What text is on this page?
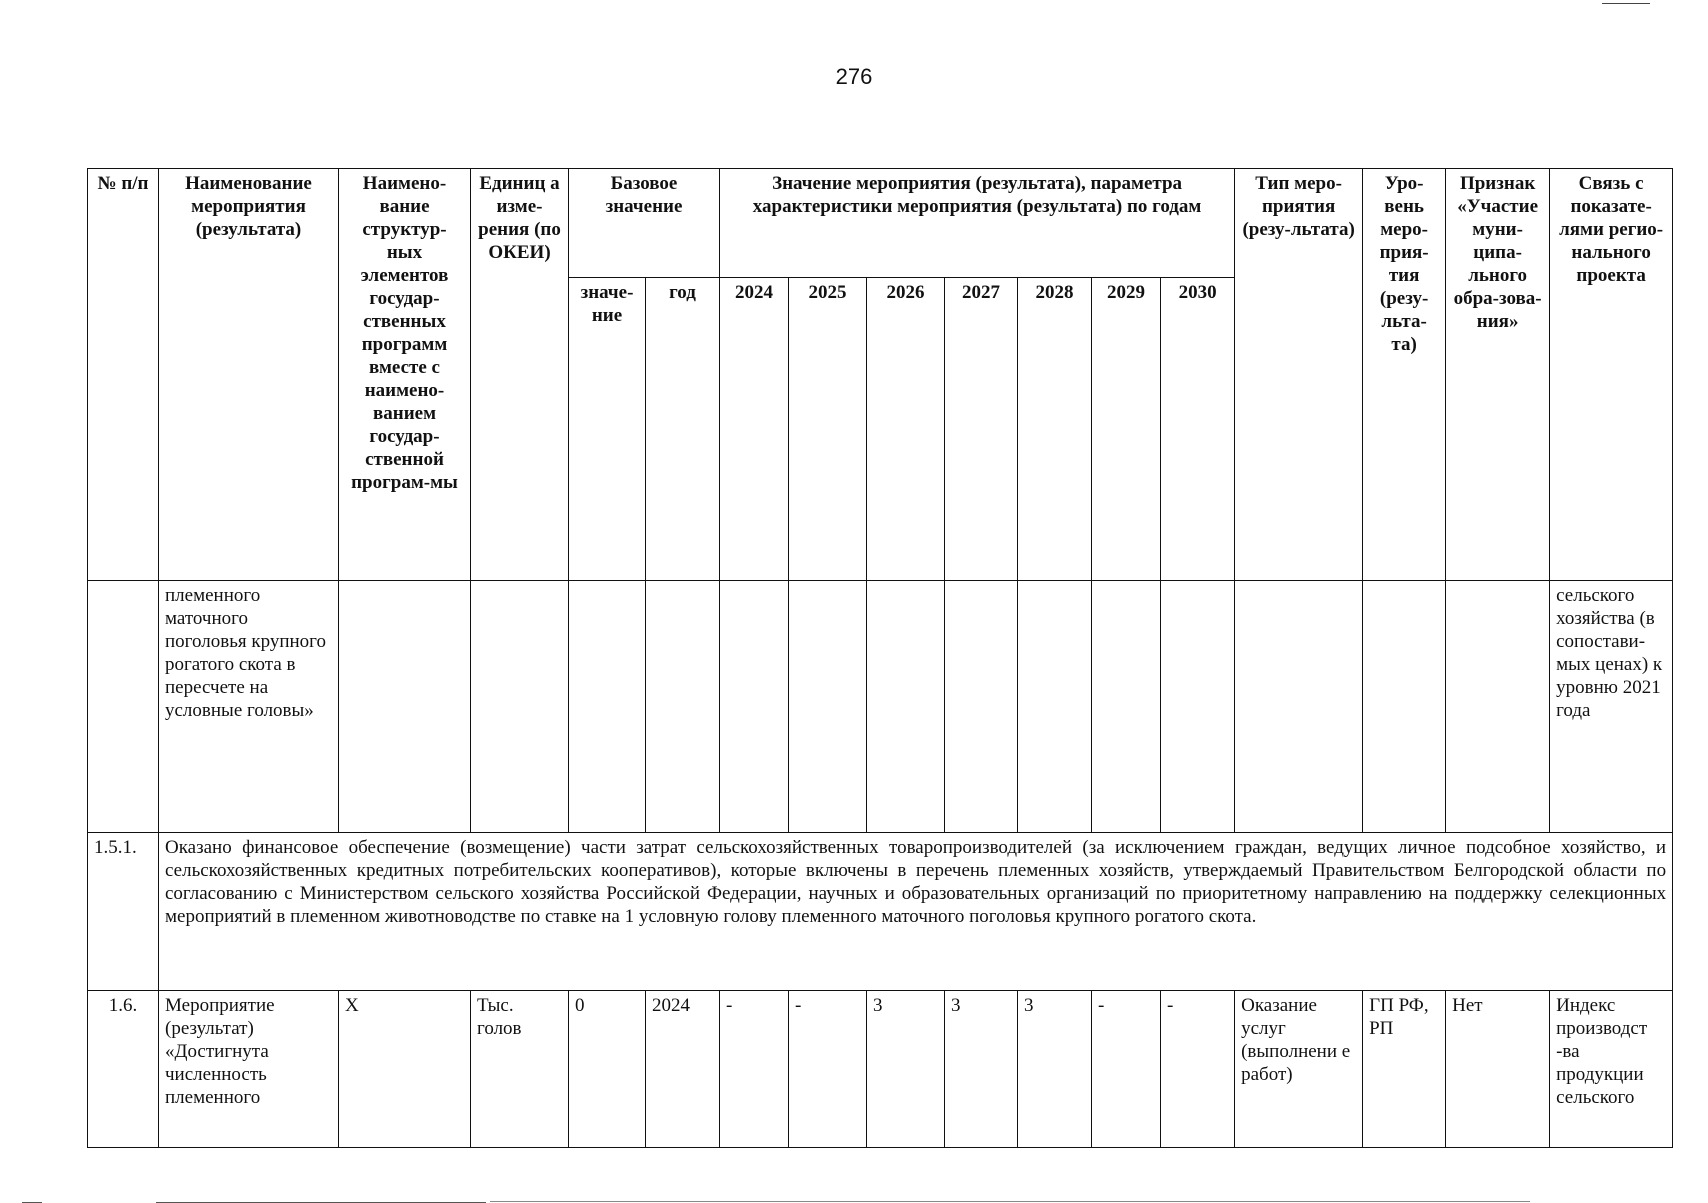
276
№ п/п	Наименование мероприятия (результата)	Наимено-вание структур-ных элементов государ-ственных программ вместе с наимено-ванием государ-ственной програм-мы	Единиц а изме-рения (по ОКЕИ)	Базовое значение		Значение мероприятия (результата), параметра характеристики мероприятия (результата) по годам							Тип меро-приятия (резу-льтата)	Уро-вень меро-прия-тия (резу-льта-та)	Признак «Участие муни-ципа-льного обра-зова-ния»	Связь с показате-лями регио-нального проекта
				значе-ние	год	2024	2025	2026	2027	2028	2029	2030				
	племенного маточного поголовья крупного рогатого скота в пересчете на условные головы»															сельского хозяйства (в сопостави-мых ценах) к уровню 2021 года
1.5.1.	Оказано финансовое обеспечение (возмещение) части затрат сельскохозяйственных товаропроизводителей (за исключением граждан, ведущих личное подсобное хозяйство, и сельскохозяйственных кредитных потребительских кооперативов), которые включены в перечень племенных хозяйств, утверждаемый Правительством Белгородской области по согласованию с Министерством сельского хозяйства Российской Федерации, научных и образовательных организаций по приоритетному направлению на поддержку селекционных мероприятий в племенном животноводстве по ставке на 1 условную голову племенного маточного поголовья крупного рогатого скота.															
1.6.	Мероприятие (результат) «Достигнута численность племенного	Х	Тыс. голов	0	2024	-	-	3	3	3	-	-	Оказание услуг (выполнени е работ)	ГП РФ, РП	Нет	Индекс производст -ва продукции сельского
